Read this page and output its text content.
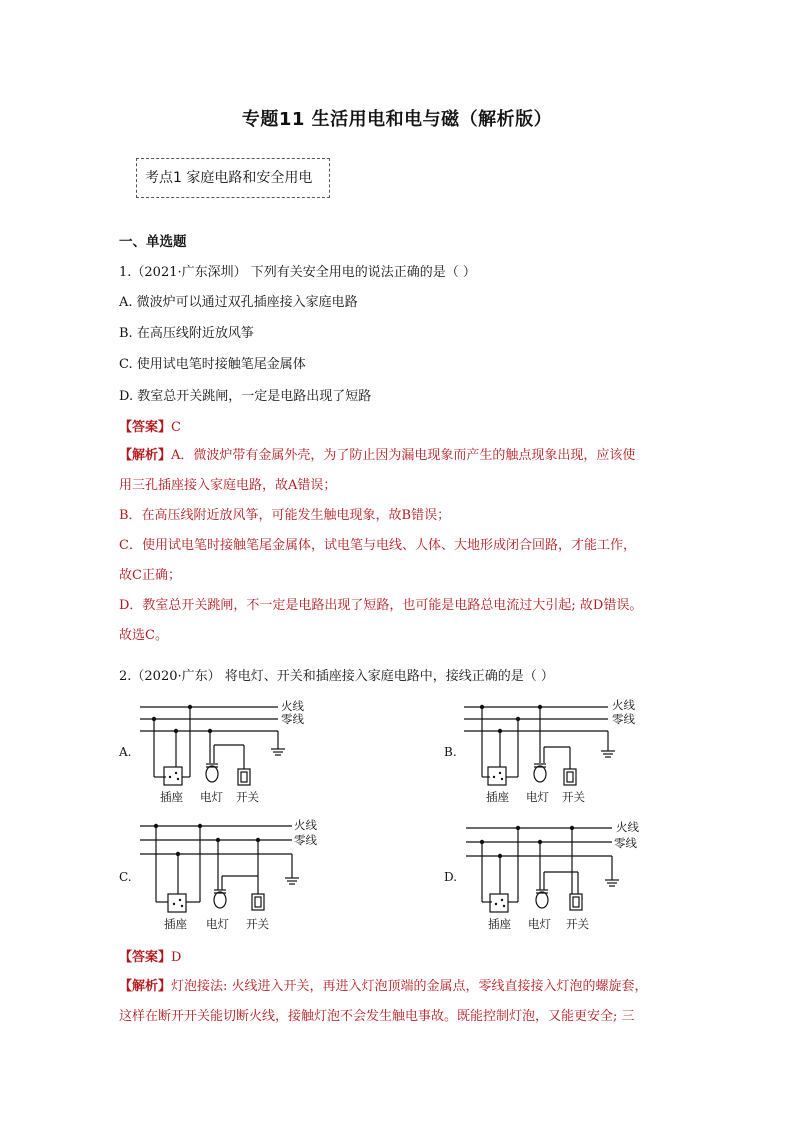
专题11 生活用电和电与磁（解析版）
考点1 家庭电路和安全用电
一、单选题
1.（2021·广东深圳） 下列有关安全用电的说法正确的是（ ）
A. 微波炉可以通过双孔插座接入家庭电路
B. 在高压线附近放风筝
C. 使用试电笔时接触笔尾金属体
D. 教室总开关跳闸，一定是电路出现了短路
【答案】C
【解析】A．微波炉带有金属外壳，为了防止因为漏电现象而产生的触点现象出现，应该使
用三孔插座接入家庭电路，故A错误；
B．在高压线附近放风筝，可能发生触电现象，故B错误；
C．使用试电笔时接触笔尾金属体，试电笔与电线、人体、大地形成闭合回路，才能工作，
故C正确；
D．教室总开关跳闸，不一定是电路出现了短路，也可能是电路总电流过大引起; 故D错误。
故选C。
2.（2020·广东） 将电灯、开关和插座接入家庭电路中，接线正确的是（ ）
A.
火线
零线
插座 电灯 开关
B.
火线
零线
插座 电灯 开关
C.
火线
零线
插座 电灯 开关
D.
火线
零线
插座 电灯 开关
【答案】D
【解析】灯泡接法: 火线进入开关，再进入灯泡顶端的金属点，零线直接接入灯泡的螺旋套，
这样在断开开关能切断火线，接触灯泡不会发生触电事故。既能控制灯泡，又能更安全; 三
